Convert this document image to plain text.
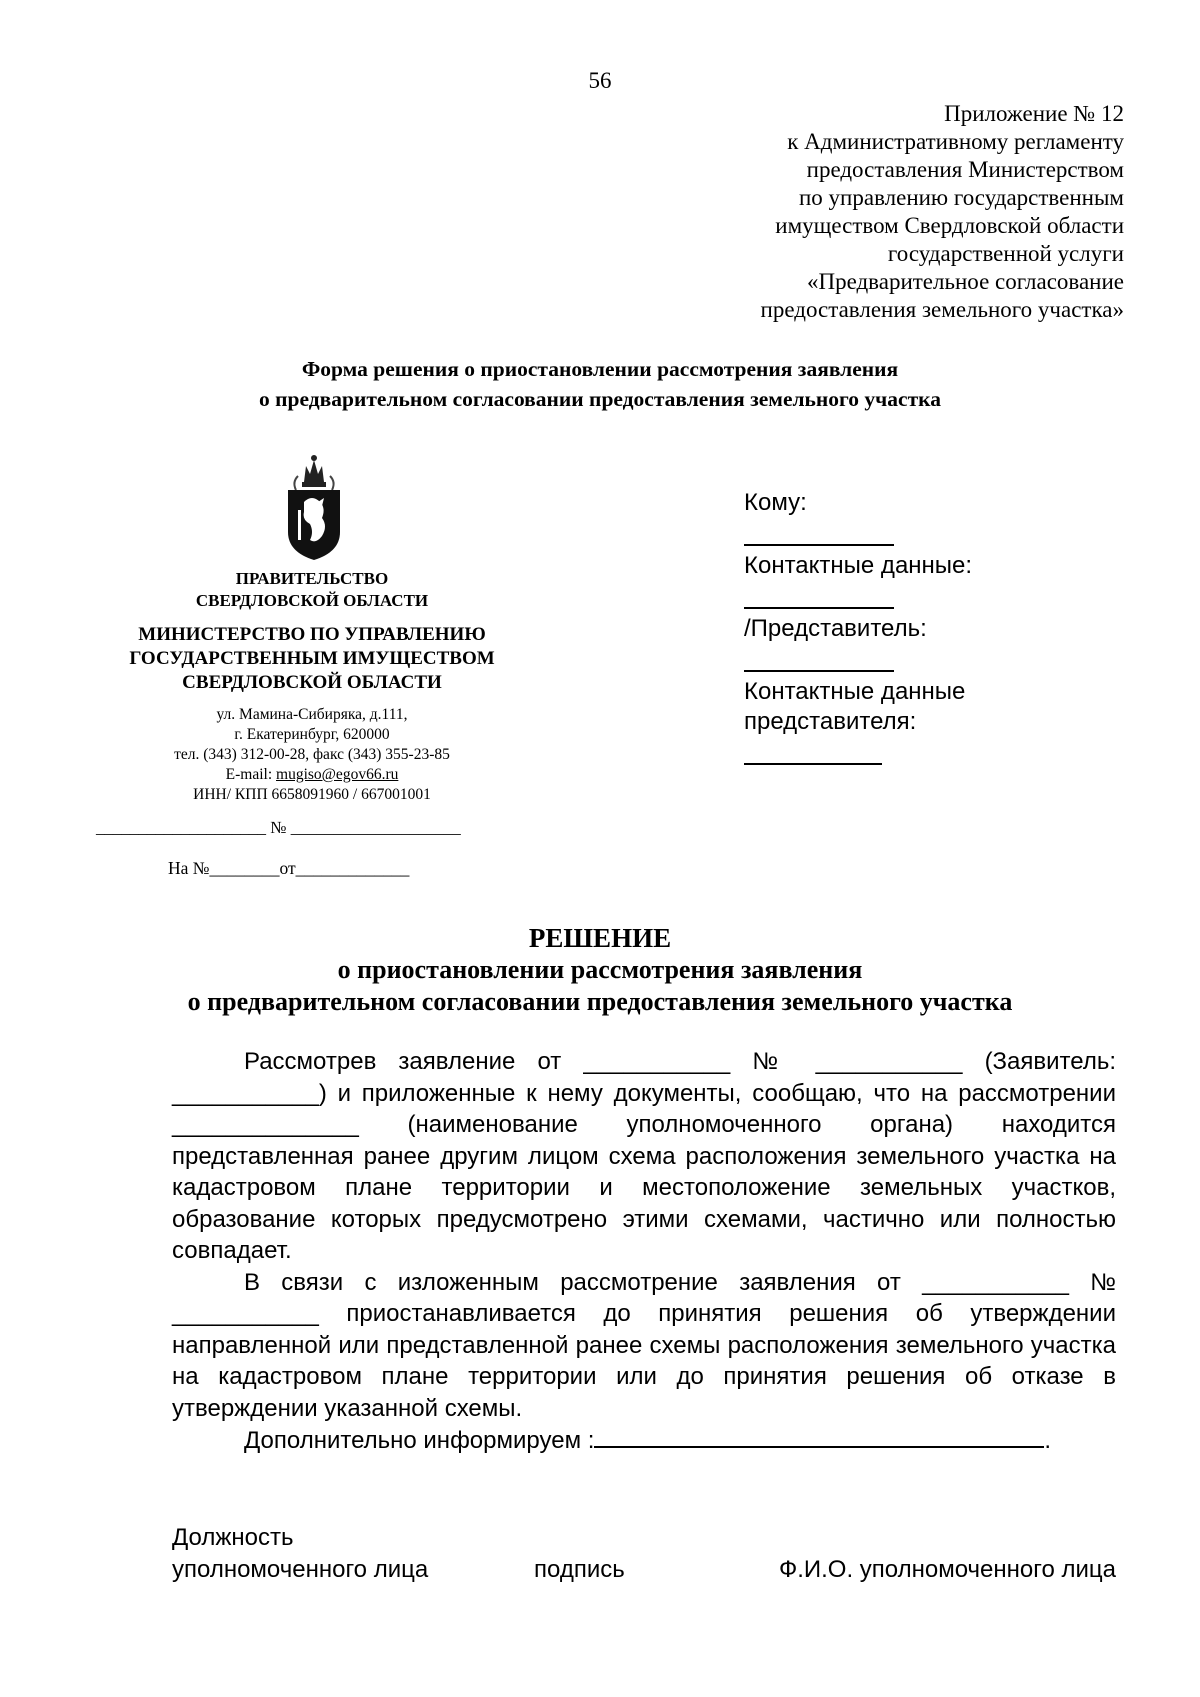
56
Приложение № 12
к Административному регламенту
предоставления Министерством
по управлению государственным
имуществом Свердловской области
государственной услуги
«Предварительное согласование
предоставления земельного участка»
Форма решения о приостановлении рассмотрения заявления
о предварительном согласовании предоставления земельного участка
ПРАВИТЕЛЬСТВО
СВЕРДЛОВСКОЙ ОБЛАСТИ
МИНИСТЕРСТВО ПО УПРАВЛЕНИЮ
ГОСУДАРСТВЕННЫМ ИМУЩЕСТВОМ
СВЕРДЛОВСКОЙ ОБЛАСТИ
ул. Мамина-Сибиряка, д.111,
г. Екатеринбург, 620000
тел. (343) 312-00-28, факс (343) 355-23-85
E-mail: mugiso@egov66.ru
ИНН/ КПП 6658091960 / 667001001
____________________ № ____________________
На №________от_____________
Кому:
Контактные данные:
/Представитель:
Контактные данные
представителя:
РЕШЕНИЕ
о приостановлении рассмотрения заявления
о предварительном согласовании предоставления земельного участка

Рассмотрев заявление от ___________ № ___________ (Заявитель: ___________) и приложенные к нему документы, сообщаю, что на рассмотрении ______________ (наименование уполномоченного органа) находится представленная ранее другим лицом схема расположения земельного участка на кадастровом плане территории и местоположение земельных участков, образование которых предусмотрено этими схемами, частично или полностью совпадает.

В связи с изложенным рассмотрение заявления от ___________ № ___________ приостанавливается до принятия решения об утверждении направленной или представленной ранее схемы расположения земельного участка на кадастровом плане территории или до принятия решения об отказе в утверждении указанной схемы.

Дополнительно информируем :	.

Должность
уполномоченного лица	подпись	Ф.И.О. уполномоченного лица
